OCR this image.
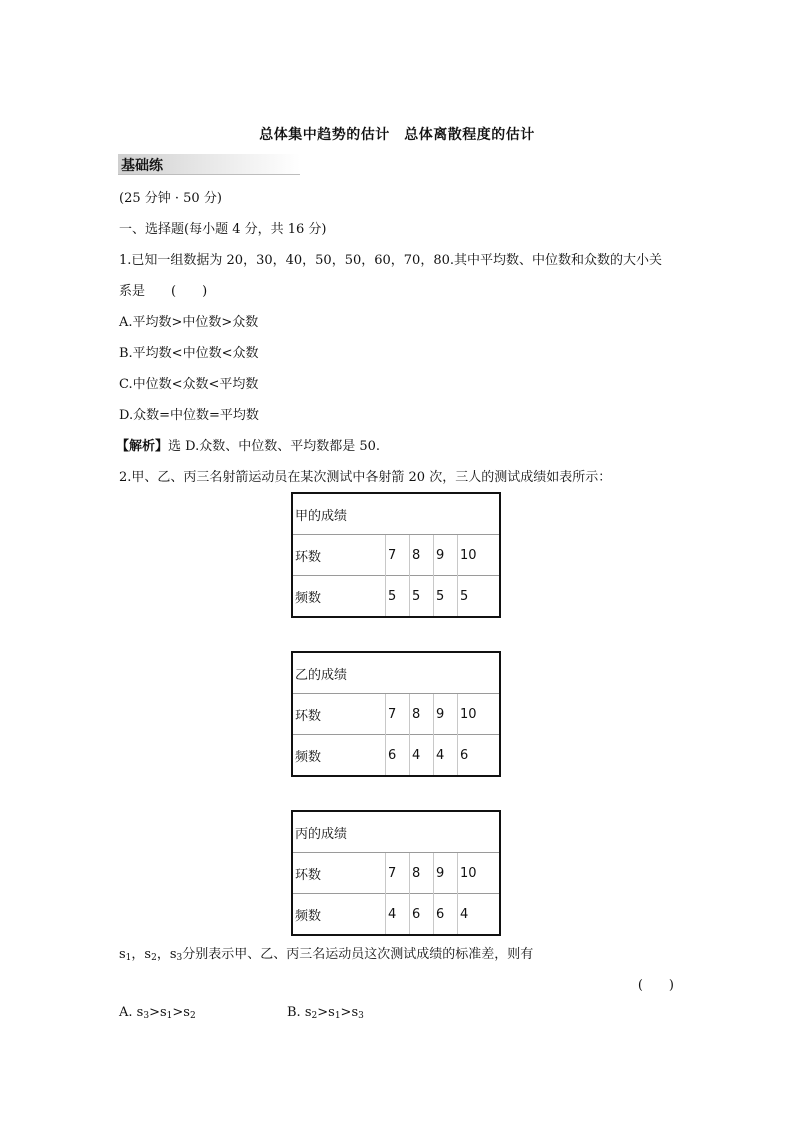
总体集中趋势的估计　总体离散程度的估计
基础练
(25 分钟 · 50 分)
一、选择题(每小题 4 分，共 16 分)
1.已知一组数据为 20，30，40，50，50，60，70，80.其中平均数、中位数和众数的大小关
系是　　(　　)
A.平均数>中位数>众数
B.平均数<中位数<众数
C.中位数<众数<平均数
D.众数=中位数=平均数
【解析】选 D.众数、中位数、平均数都是 50.
2.甲、乙、丙三名射箭运动员在某次测试中各射箭 20 次，三人的测试成绩如表所示：
甲的成绩				
环数	7	8	9	10
频数	5	5	5	5
乙的成绩				
环数	7	8	9	10
频数	6	4	4	6
丙的成绩				
环数	7	8	9	10
频数	4	6	6	4
$s_1$，$s_2$，$s_3$分别表示甲、乙、丙三名运动员这次测试成绩的标准差，则有
(　　)
A. $s_3>s_1>s_2$	B. $s_2>s_1>s_3$
